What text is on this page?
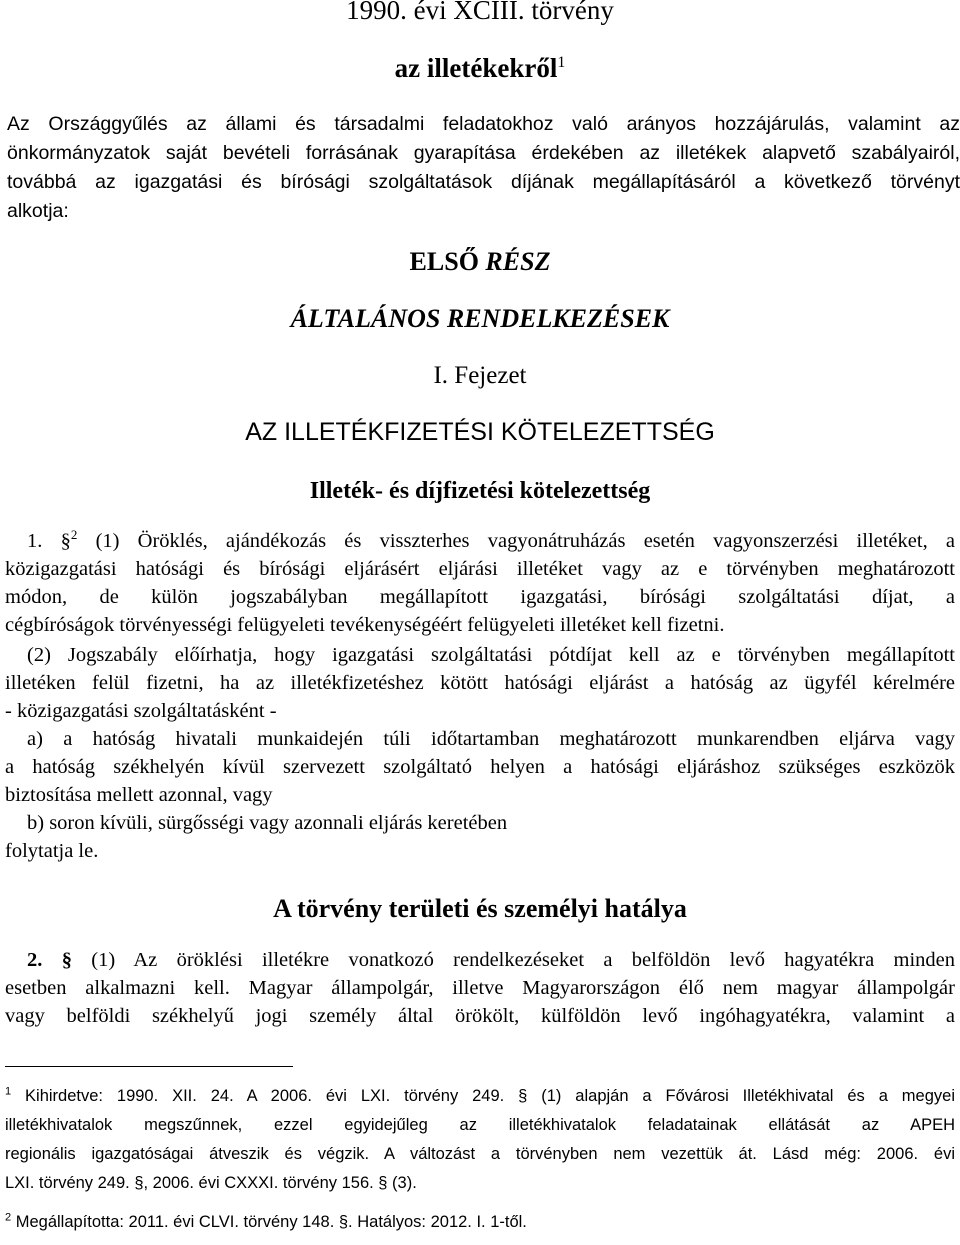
1990. évi XCIII. törvény
az illetékekről$^1$
Az Országgyűlés az állami és társadalmi feladatokhoz való arányos hozzájárulás, valamint az
önkormányzatok saját bevételi forrásának gyarapítása érdekében az illetékek alapvető szabályairól,
továbbá az igazgatási és bírósági szolgáltatások díjának megállapításáról a következő törvényt
alkotja:
ELSŐ RÉSZ
ÁLTALÁNOS RENDELKEZÉSEK
I. Fejezet
AZ ILLETÉKFIZETÉSI KÖTELEZETTSÉG
Illeték- és díjfizetési kötelezettség
1. §$^2$ (1) Öröklés, ajándékozás és visszterhes vagyonátruházás esetén vagyonszerzési illetéket, a
közigazgatási hatósági és bírósági eljárásért eljárási illetéket vagy az e törvényben meghatározott
módon, de külön jogszabályban megállapított igazgatási, bírósági szolgáltatási díjat, a
cégbíróságok törvényességi felügyeleti tevékenységéért felügyeleti illetéket kell fizetni.
(2) Jogszabály előírhatja, hogy igazgatási szolgáltatási pótdíjat kell az e törvényben megállapított
illetéken felül fizetni, ha az illetékfizetéshez kötött hatósági eljárást a hatóság az ügyfél kérelmére
- közigazgatási szolgáltatásként -
a) a hatóság hivatali munkaidején túli időtartamban meghatározott munkarendben eljárva vagy
a hatóság székhelyén kívül szervezett szolgáltató helyen a hatósági eljáráshoz szükséges eszközök
biztosítása mellett azonnal, vagy
b) soron kívüli, sürgősségi vagy azonnali eljárás keretében
folytatja le.
A törvény területi és személyi hatálya
2. § (1) Az öröklési illetékre vonatkozó rendelkezéseket a belföldön levő hagyatékra minden
esetben alkalmazni kell. Magyar állampolgár, illetve Magyarországon élő nem magyar állampolgár
vagy belföldi székhelyű jogi személy által örökölt, külföldön levő ingóhagyatékra, valamint a
$^1$ Kihirdetve: 1990. XII. 24. A 2006. évi LXI. törvény 249. § (1) alapján a Fővárosi Illetékhivatal és a megyei
illetékhivatalok megszűnnek, ezzel egyidejűleg az illetékhivatalok feladatainak ellátását az APEH
regionális igazgatóságai átveszik és végzik. A változást a törvényben nem vezettük át. Lásd még: 2006. évi
LXI. törvény 249. §, 2006. évi CXXXI. törvény 156. § (3).
$^2$ Megállapította: 2011. évi CLVI. törvény 148. §. Hatályos: 2012. I. 1-től.
